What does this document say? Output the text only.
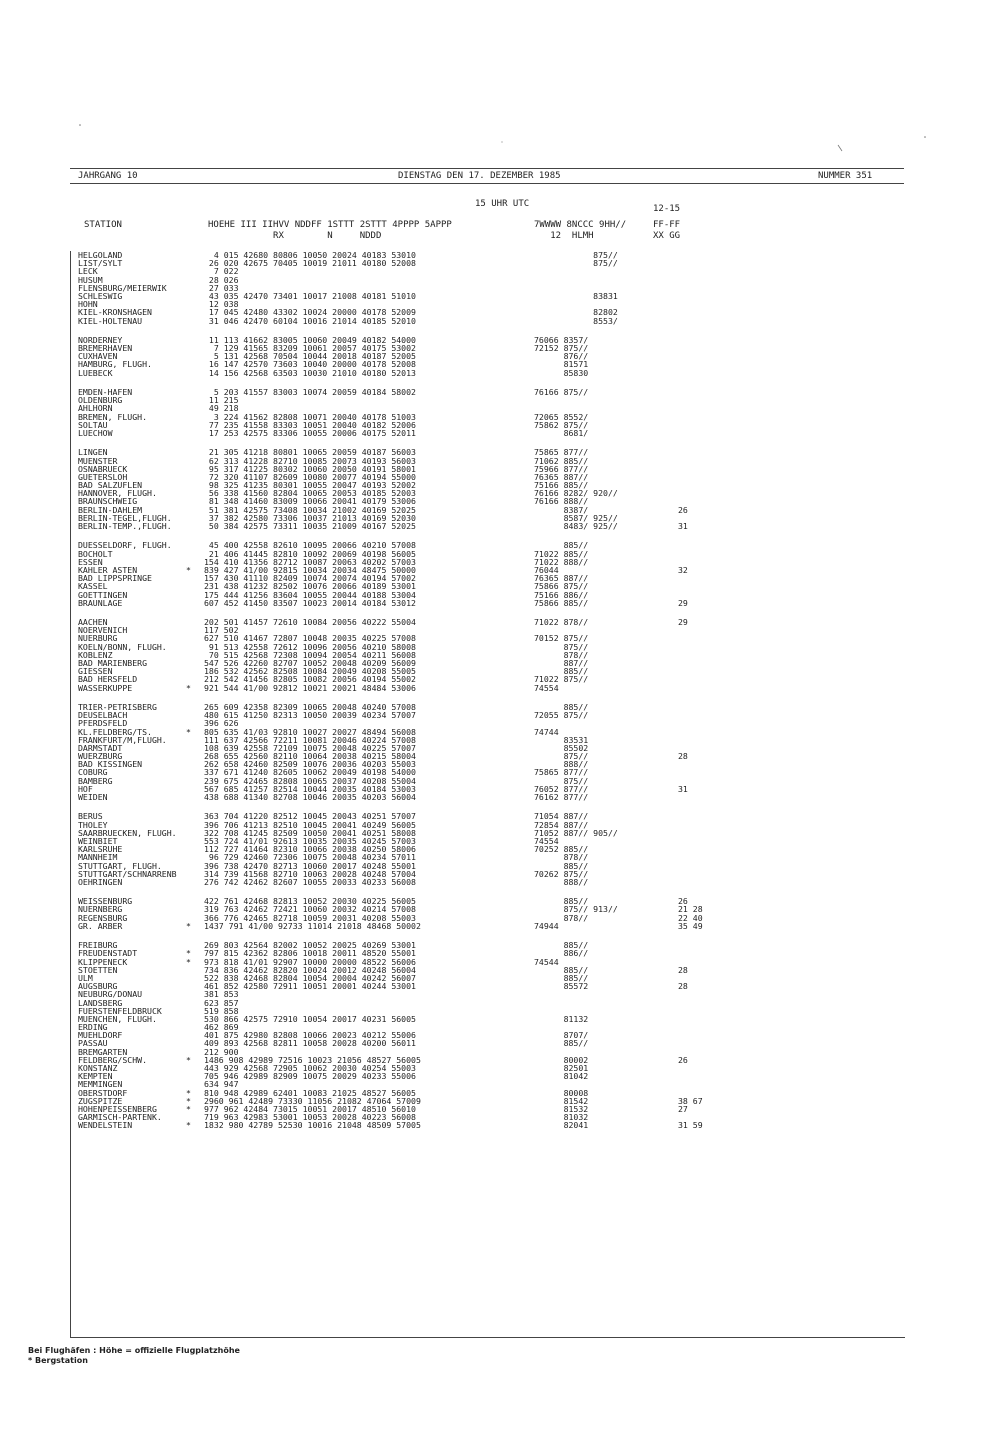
JAHRGANG 10	DIENSTAG DEN 17. DEZEMBER 1985	NUMMER 351
15 UHR UTC	12-15
STATION	HOEHE III IIHVV NDDFF 1STTT 2STTT 4PPPP 5APPP
RX        N     NDDD
7WWWW 8NCCC 9HH//
12  HLMH
FF-FF
XX GG
HELGOLAND	4 015 42680 80806 10050 20024 40183 53010	875//
LIST/SYLT	26 020 42675 70405 10019 21011 40180 52008	875//
LECK	7 022
HUSUM	28 026
FLENSBURG/MEIERWIK	27 033
SCHLESWIG	43 035 42470 73401 10017 21008 40181 51010	83831
HOHN	12 038
KIEL-KRONSHAGEN	17 045 42480 43302 10024 20000 40178 52009	82802
KIEL-HOLTENAU	31 046 42470 60104 10016 21014 40185 52010	8553/
NORDERNEY	11 113 41662 83005 10060 20049 40182 54000	76066 8357/
BREMERHAVEN	7 129 41565 83209 10061 20057 40175 53002	72152 875//
CUXHAVEN	5 131 42568 70504 10044 20018 40187 52005	876//
HAMBURG, FLUGH.	16 147 42570 73603 10040 20000 40178 52008	81571
LUEBECK	14 156 42568 63503 10030 21010 40180 52013	85830
EMDEN-HAFEN	5 203 41557 83003 10074 20059 40184 58002	76166 875//
OLDENBURG	11 215
AHLHORN	49 218
BREMEN, FLUGH.	3 224 41562 82808 10071 20040 40178 51003	72065 8552/
SOLTAU	77 235 41558 83303 10051 20040 40182 52006	75862 875//
LUECHOW	17 253 42575 83306 10055 20006 40175 52011	8681/
LINGEN	21 305 41218 80801 10065 20059 40187 56003	75865 877//
MUENSTER	62 313 41228 82710 10085 20073 40193 56003	71062 885//
OSNABRUECK	95 317 41225 80302 10060 20050 40191 58001	75966 877//
GUETERSLOH	72 320 41107 82609 10080 20077 40194 55000	76365 887//
BAD SALZUFLEN	98 325 41235 80301 10055 20047 40193 52002	75166 885//
HANNOVER, FLUGH.	56 338 41560 82804 10065 20053 40185 52003	76166 8282/ 920//
BRAUNSCHWEIG	81 348 41460 83009 10066 20041 40179 53006	76166 888//
BERLIN-DAHLEM	51 381 42575 73408 10034 21002 40169 52025	8387/	26
BERLIN-TEGEL,FLUGH.	37 382 42580 73306 10037 21013 40169 52030	8587/ 925//
BERLIN-TEMP.,FLUGH.	50 384 42575 73311 10035 21009 40167 52025	8483/ 925//	31
DUESSELDORF, FLUGH.	45 400 42558 82610 10095 20066 40210 57008	885//
BOCHOLT	21 406 41445 82810 10092 20069 40198 56005	71022 885//
ESSEN	154 410 41356 82712 10087 20063 40202 57003	71022 888//
KAHLER ASTEN	* 839 427 41/00 92815 10034 20034 48475 50000	76044	32
BAD LIPPSPRINGE	157 430 41110 82409 10074 20074 40194 57002	76365 887//
KASSEL	231 438 41232 82502 10076 20066 40189 53001	75866 875//
GOETTINGEN	175 444 41256 83604 10055 20044 40188 53004	75166 886//
BRAUNLAGE	607 452 41450 83507 10023 20014 40184 53012	75866 885//	29
AACHEN	202 501 41457 72610 10084 20056 40222 55004	71022 878//	29
NOERVENICH	117 502
NUERBURG	627 510 41467 72807 10048 20035 40225 57008	70152 875//
KOELN/BONN, FLUGH.	91 513 42558 72612 10096 20056 40210 58008	875//
KOBLENZ	70 515 42568 72308 10094 20054 40211 56008	878//
BAD MARIENBERG	547 526 42260 82707 10052 20048 40209 56009	887//
GIESSEN	186 532 42562 82508 10084 20049 40208 55005	885//
BAD HERSFELD	212 542 41456 82805 10082 20056 40194 55002	71022 875//
WASSERKUPPE	* 921 544 41/00 92812 10021 20021 48484 53006	74554
TRIER-PETRISBERG	265 609 42358 82309 10065 20048 40240 57008	885//
DEUSELBACH	480 615 41250 82313 10050 20039 40234 57007	72055 875//
PFERDSFELD	396 626
KL.FELDBERG/TS.	* 805 635 41/03 92810 10027 20027 48494 56008	74744
FRANKFURT/M,FLUGH.	111 637 42566 72211 10081 20046 40224 57008	83531
DARMSTADT	108 639 42558 72109 10075 20048 40225 57007	85502
WUERZBURG	268 655 42560 82110 10064 20038 40215 58004	875//	28
BAD KISSINGEN	262 658 42460 82509 10076 20036 40203 55003	888//
COBURG	337 671 41240 82605 10062 20049 40198 54000	75865 877//
BAMBERG	239 675 42465 82808 10065 20037 40208 55004	875//
HOF	567 685 41257 82514 10044 20035 40184 53003	76052 877//	31
WEIDEN	438 688 41340 82708 10046 20035 40203 56004	76162 877//
BERUS	363 704 41220 82512 10045 20043 40251 57007	71054 887//
THOLEY	396 706 41213 82510 10045 20041 40249 56005	72854 887//
SAARBRUECKEN, FLUGH.	322 708 41245 82509 10050 20041 40251 58008	71052 887// 905//
WEINBIET	553 724 41/01 92613 10035 20035 40245 57003	74554
KARLSRUHE	112 727 41464 82310 10066 20038 40250 58006	70252 885//
MANNHEIM	96 729 42460 72306 10075 20048 40234 57011	878//
STUTTGART, FLUGH.	396 738 42470 82713 10060 20017 40248 55001	885//
STUTTGART/SCHNARRENB	314 739 41568 82710 10063 20028 40248 57004	70262 875//
OEHRINGEN	276 742 42462 82607 10055 20033 40233 56008	888//
WEISSENBURG	422 761 42468 82813 10052 20030 40225 56005	885//	26
NUERNBERG	319 763 42462 72421 10060 20032 40214 57008	875// 913//	21 28
REGENSBURG	366 776 42465 82718 10059 20031 40208 55003	878//	22 40
GR. ARBER	* 1437 791 41/00 92733 11014 21018 48468 50002	74944	35 49
FREIBURG	269 803 42564 82002 10052 20025 40269 53001	885//
FREUDENSTADT	* 797 815 42362 82806 10018 20011 48520 55001	886//
KLIPPENECK	* 973 818 41/01 92907 10000 20000 48522 56006	74544
STOETTEN	734 836 42462 82820 10024 20012 40248 56004	885//	28
ULM	522 838 42468 82804 10054 20004 40242 56007	885//
AUGSBURG	461 852 42580 72911 10051 20001 40244 53001	85572	28
NEUBURG/DONAU	381 853
LANDSBERG	623 857
FUERSTENFELDBRUCK	519 858
MUENCHEN, FLUGH.	530 866 42575 72910 10054 20017 40231 56005	81132
ERDING	462 869
MUEHLDORF	401 875 42980 82808 10066 20023 40212 55006	8707/
PASSAU	409 893 42568 82811 10058 20028 40200 56011	885//
BREMGARTEN	212 900
FELDBERG/SCHW.	* 1486 908 42989 72516 10023 21056 48527 56005	80002	26
KONSTANZ	443 929 42568 72905 10062 20030 40254 55003	82501
KEMPTEN	705 946 42989 82909 10075 20029 40233 55006	81042
MEMMINGEN	634 947
OBERSTDORF	* 810 948 42989 62401 10083 21025 48527 56005	80008
ZUGSPITZE	* 2960 961 42489 73330 11056 21082 47064 57009	81542	38 67
HOHENPEISSENBERG	* 977 962 42484 73015 10051 20017 48510 56010	81532	27
GARMISCH-PARTENK.	719 963 42983 53001 10053 20028 40223 56008	81032
WENDELSTEIN	* 1832 980 42789 52530 10016 21048 48509 57005	82041	31 59
Bei Flughäfen : Höhe = offizielle Flugplatzhöhe
* Bergstation
